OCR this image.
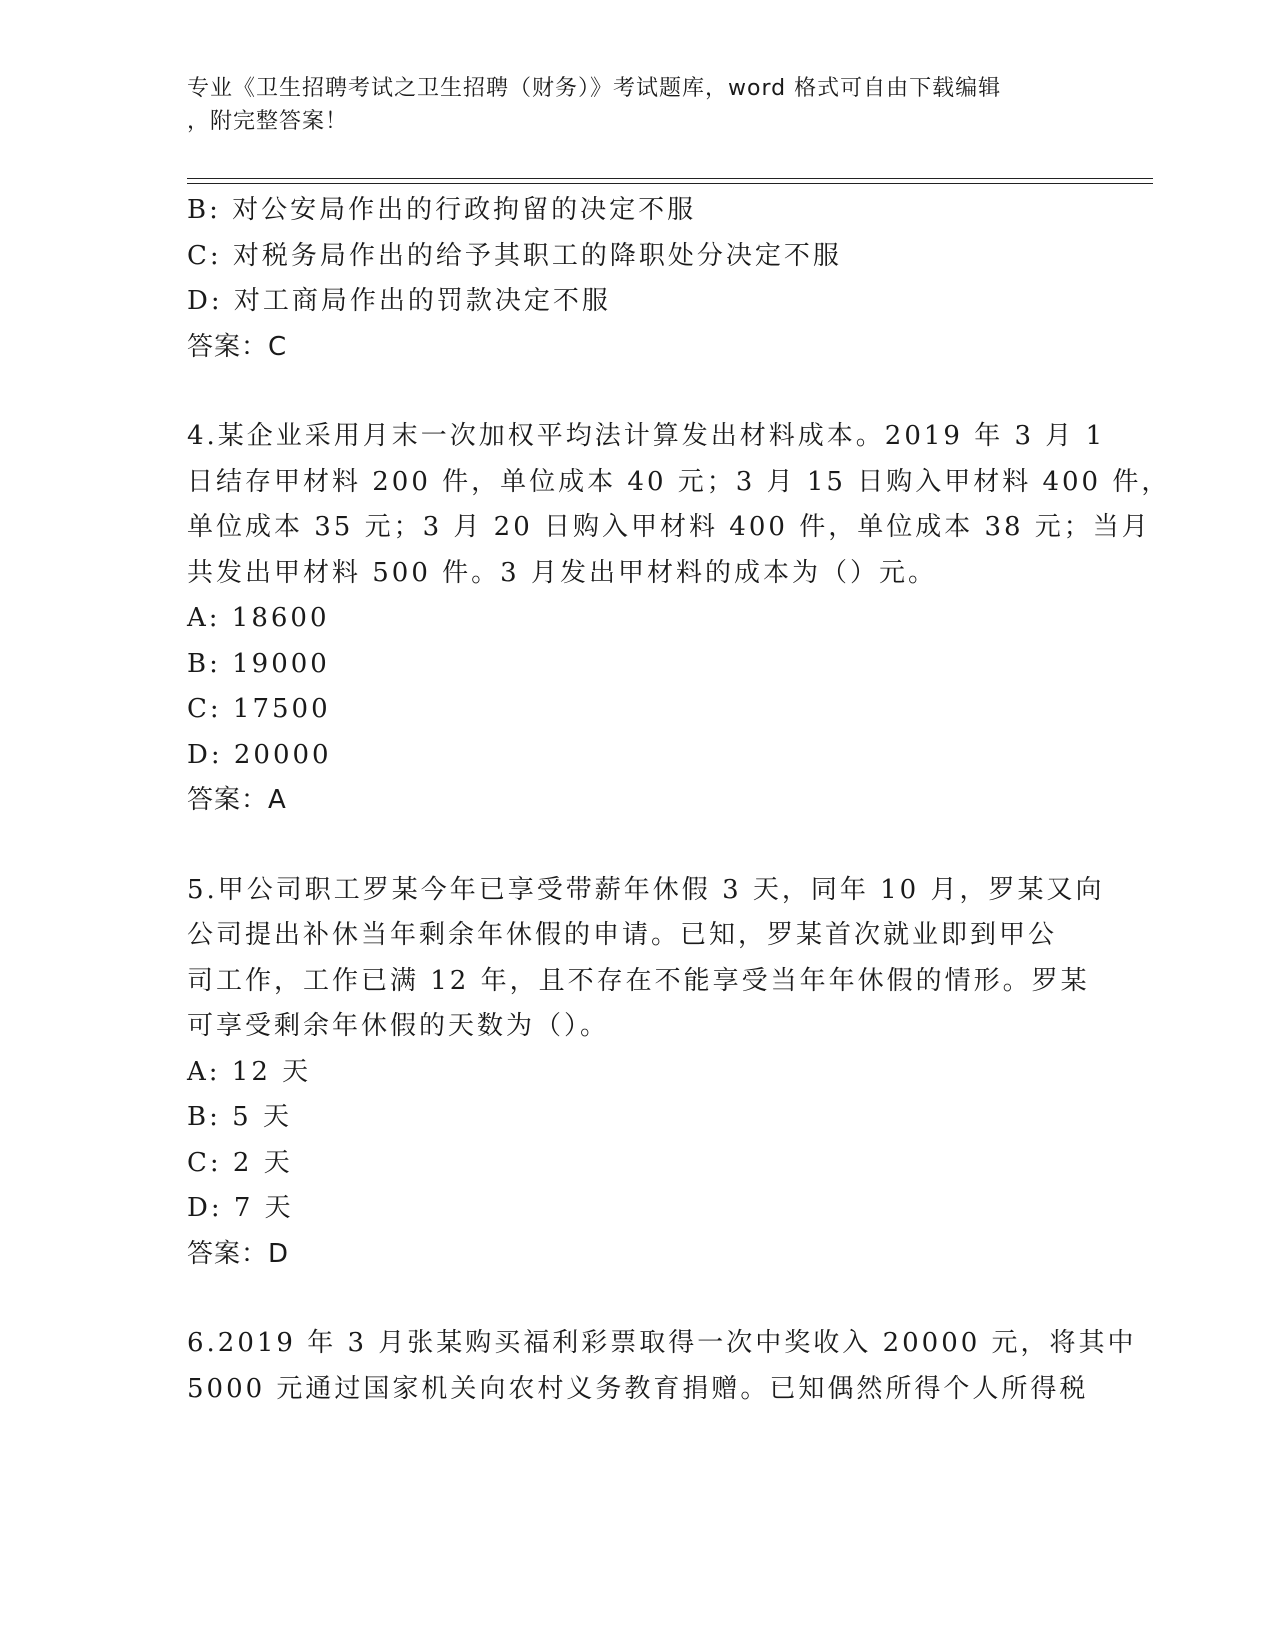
专业《卫生招聘考试之卫生招聘（财务）》考试题库，word 格式可自由下载编辑
，附完整答案！
B: 对公安局作出的行政拘留的决定不服
C: 对税务局作出的给予其职工的降职处分决定不服
D: 对工商局作出的罚款决定不服
答案：C
4.某企业采用月末一次加权平均法计算发出材料成本。2019 年 3 月 1
日结存甲材料 200 件，单位成本 40 元；3 月 15 日购入甲材料 400 件，
单位成本 35 元；3 月 20 日购入甲材料 400 件，单位成本 38 元；当月
共发出甲材料 500 件。3 月发出甲材料的成本为（）元。
A: 18600
B: 19000
C: 17500
D: 20000
答案：A
5.甲公司职工罗某今年已享受带薪年休假 3 天，同年 10 月，罗某又向
公司提出补休当年剩余年休假的申请。已知，罗某首次就业即到甲公
司工作，工作已满 12 年，且不存在不能享受当年年休假的情形。罗某
可享受剩余年休假的天数为（）。
A: 12 天
B: 5 天
C: 2 天
D: 7 天
答案：D
6.2019 年 3 月张某购买福利彩票取得一次中奖收入 20000 元，将其中
5000 元通过国家机关向农村义务教育捐赠。已知偶然所得个人所得税
